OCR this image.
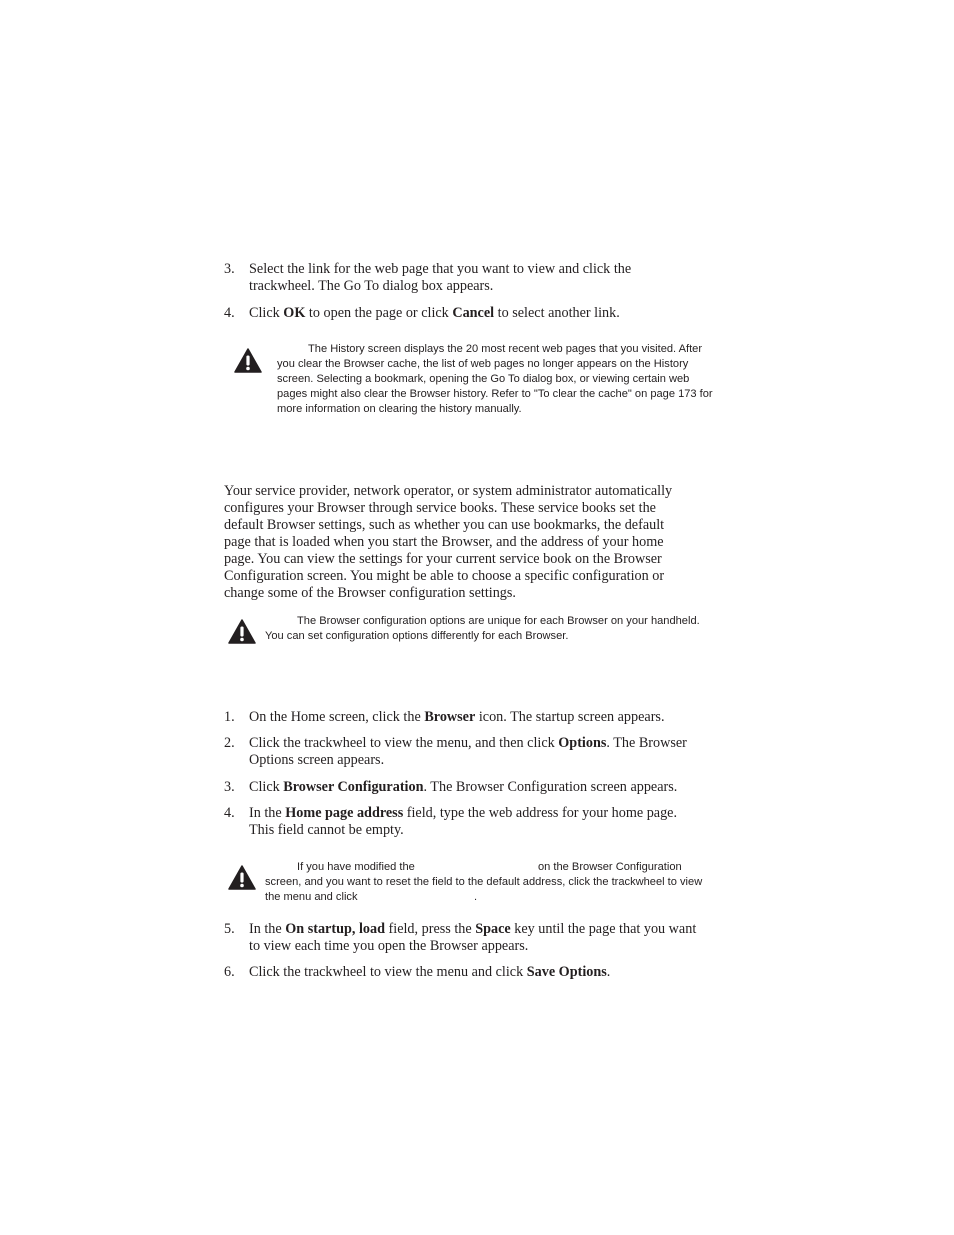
3. Select the link for the web page that you want to view and click the
trackwheel. The Go To dialog box appears.
4. Click OK to open the page or click Cancel to select another link.
The History screen displays the 20 most recent web pages that you visited. After
you clear the Browser cache, the list of web pages no longer appears on the History
screen. Selecting a bookmark, opening the Go To dialog box, or viewing certain web
pages might also clear the Browser history. Refer to "To clear the cache" on page 173 for
more information on clearing the history manually.
Your service provider, network operator, or system administrator automatically
configures your Browser through service books. These service books set the
default Browser settings, such as whether you can use bookmarks, the default
page that is loaded when you start the Browser, and the address of your home
page. You can view the settings for your current service book on the Browser
Configuration screen. You might be able to choose a specific configuration or
change some of the Browser configuration settings.
The Browser configuration options are unique for each Browser on your handheld.
You can set configuration options differently for each Browser.
1. On the Home screen, click the Browser icon. The startup screen appears.
2. Click the trackwheel to view the menu, and then click Options. The Browser
Options screen appears.
3. Click Browser Configuration. The Browser Configuration screen appears.
4. In the Home page address field, type the web address for your home page.
This field cannot be empty.
If you have modified the	on the Browser Configuration
screen, and you want to reset the field to the default address, click the trackwheel to view
the menu and click	.
5. In the On startup, load field, press the Space key until the page that you want
to view each time you open the Browser appears.
6. Click the trackwheel to view the menu and click Save Options.
